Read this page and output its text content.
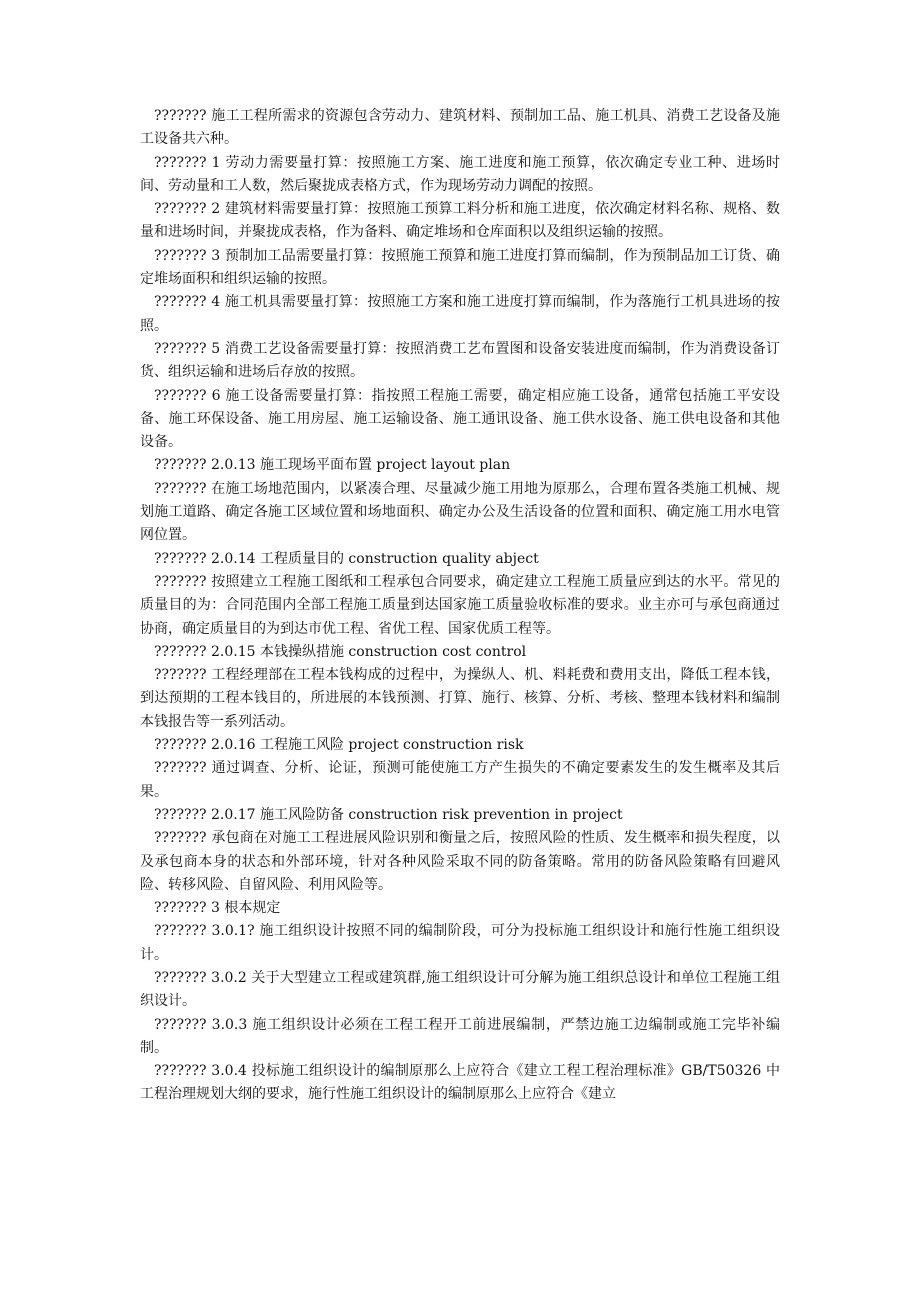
??????? 施工工程所需求的资源包含劳动力、建筑材料、预制加工品、施工机具、消费工艺设备及施工设备共六种。

??????? 1 劳动力需要量打算：按照施工方案、施工进度和施工预算，依次确定专业工种、进场时间、劳动量和工人数，然后聚拢成表格方式，作为现场劳动力调配的按照。

??????? 2 建筑材料需要量打算：按照施工预算工料分析和施工进度，依次确定材料名称、规格、数量和进场时间，并聚拢成表格，作为备料、确定堆场和仓库面积以及组织运输的按照。

??????? 3 预制加工品需要量打算：按照施工预算和施工进度打算而编制，作为预制品加工订货、确定堆场面积和组织运输的按照。

??????? 4 施工机具需要量打算：按照施工方案和施工进度打算而编制，作为落施行工机具进场的按照。

??????? 5 消费工艺设备需要量打算：按照消费工艺布置图和设备安装进度而编制，作为消费设备订货、组织运输和进场后存放的按照。

??????? 6 施工设备需要量打算：指按照工程施工需要，确定相应施工设备，通常包括施工平安设备、施工环保设备、施工用房屋、施工运输设备、施工通讯设备、施工供水设备、施工供电设备和其他设备。

??????? 2.0.13 施工现场平面布置 project layout plan

??????? 在施工场地范围内，以紧凑合理、尽量减少施工用地为原那么，合理布置各类施工机械、规划施工道路、确定各施工区域位置和场地面积、确定办公及生活设备的位置和面积、确定施工用水电管网位置。

??????? 2.0.14 工程质量目的 construction quality abject

??????? 按照建立工程施工图纸和工程承包合同要求，确定建立工程施工质量应到达的水平。常见的质量目的为：合同范围内全部工程施工质量到达国家施工质量验收标准的要求。业主亦可与承包商通过协商，确定质量目的为到达市优工程、省优工程、国家优质工程等。

??????? 2.0.15 本钱操纵措施 construction cost control

??????? 工程经理部在工程本钱构成的过程中，为操纵人、机、料耗费和费用支出，降低工程本钱，到达预期的工程本钱目的，所进展的本钱预测、打算、施行、核算、分析、考核、整理本钱材料和编制本钱报告等一系列活动。

??????? 2.0.16 工程施工风险 project construction risk

??????? 通过调查、分析、论证，预测可能使施工方产生损失的不确定要素发生的发生概率及其后果。

??????? 2.0.17 施工风险防备 construction risk prevention in project

??????? 承包商在对施工工程进展风险识别和衡量之后，按照风险的性质、发生概率和损失程度，以及承包商本身的状态和外部环境，针对各种风险采取不同的防备策略。常用的防备风险策略有回避风险、转移风险、自留风险、利用风险等。

??????? 3 根本规定

??????? 3.0.1? 施工组织设计按照不同的编制阶段，可分为投标施工组织设计和施行性施工组织设计。

??????? 3.0.2 关于大型建立工程或建筑群,施工组织设计可分解为施工组织总设计和单位工程施工组织设计。

??????? 3.0.3 施工组织设计必须在工程工程开工前进展编制，严禁边施工边编制或施工完毕补编制。

??????? 3.0.4 投标施工组织设计的编制原那么上应符合《建立工程工程治理标准》GB/T50326 中工程治理规划大纲的要求，施行性施工组织设计的编制原那么上应符合《建立
